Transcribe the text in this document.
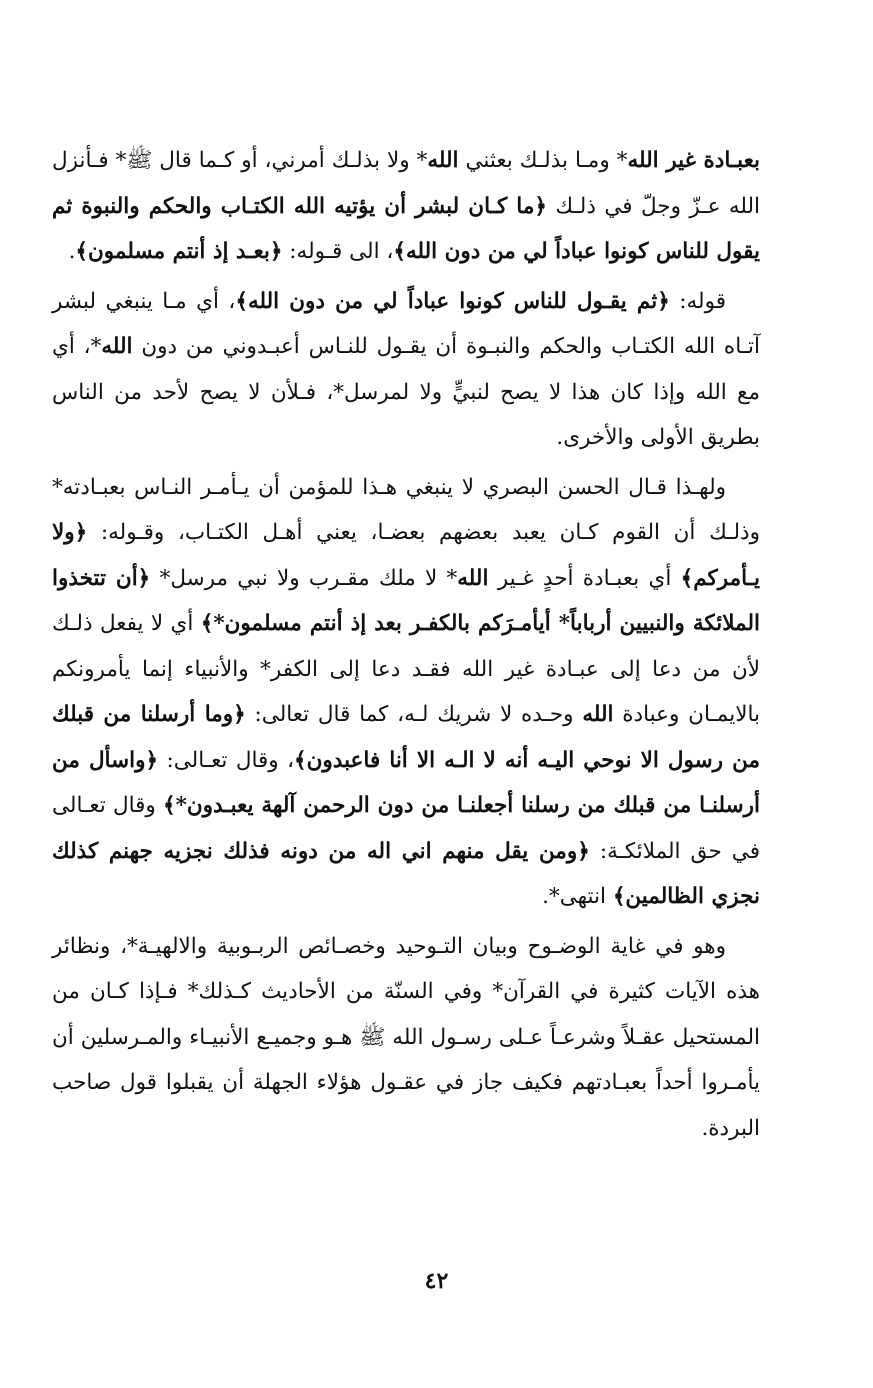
بعبـادة غير الله* ومـا بذلـك بعثني الله* ولا بذلـك أمرني، أو كـما قال ﷺ* فـأنزل الله عـزّ وجلّ في ذلـك ﴿ما كـان لبشر أن يؤتيه الله الكتـاب والحكم والنبوة ثم يقول للناس كونوا عباداً لي من دون الله﴾، الى قـوله: ﴿بعـد إذ أنتم مسلمون﴾.

قوله: ﴿ثم يقـول للناس كونوا عباداً لي من دون الله﴾، أي مـا ينبغي لبشر آتـاه الله الكتـاب والحكم والنبـوة أن يقـول للنـاس أعبـدوني من دون الله*، أي مع الله وإذا كان هذا لا يصح لنبيٍّ ولا لمرسل*، فـلأن لا يصح لأحد من الناس بطريق الأولى والأخرى.

ولهـذا قـال الحسن البصري لا ينبغي هـذا للمؤمن أن يـأمـر النـاس بعبـادته* وذلـك أن القوم كـان يعبد بعضهم بعضـا، يعني أهـل الكتـاب، وقـوله: ﴿ولا يـأمركم﴾ أي بعبـادة أحدٍ غـير الله* لا ملك مقـرب ولا نبي مرسل* ﴿أن تتخذوا الملائكة والنبيين أرباباً* أيأمـرَكم بالكفـر بعد إذ أنتم مسلمون*﴾ أي لا يفعل ذلـك لأن من دعا إلى عبـادة غير الله فقـد دعا إلى الكفر* والأنبياء إنما يأمرونكم بالايمـان وعبادة الله وحـده لا شريك لـه، كما قال تعالى: ﴿وما أرسلنا من قبلك من رسول الا نوحي اليـه أنه لا الـه الا أنا فاعبدون﴾، وقال تعـالى: ﴿واسأل من أرسلنـا من قبلك من رسلنا أجعلنـا من دون الرحمن آلهة يعبـدون*﴾ وقال تعـالى في حق الملائكـة: ﴿ومن يقل منهم اني اله من دونه فذلك نجزيه جهنم كذلك نجزي الظالمين﴾ انتهى*.

وهو في غاية الوضـوح وبيان التـوحيد وخصـائص الربـوبية والالهيـة*، ونظائر هذه الآيات كثيرة في القرآن* وفي السنّة من الأحاديث كـذلك* فـإذا كـان من المستحيل عقـلاً وشرعـاً عـلى رسـول الله ﷺ هـو وجميـع الأنبيـاء والمـرسلين أن يأمـروا أحداً بعبـادتهم فكيف جاز في عقـول هؤلاء الجهلة أن يقبلوا قول صاحب البردة.

٤٢
